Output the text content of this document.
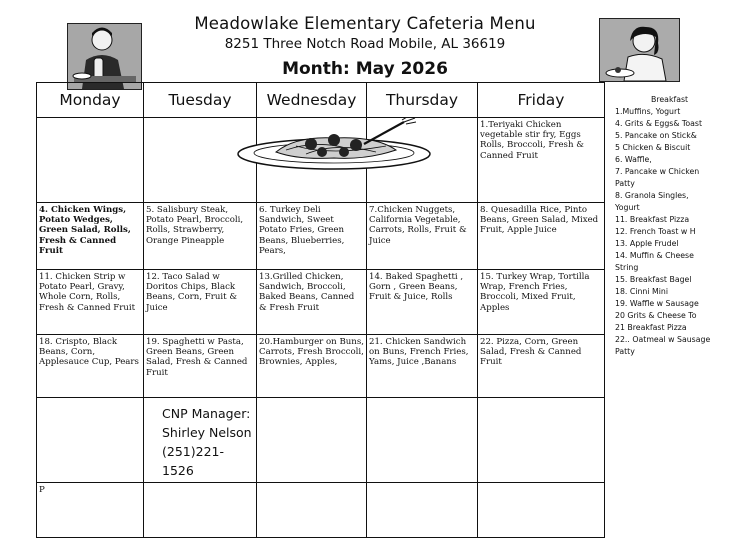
Meadowlake Elementary Cafeteria Menu
8251 Three Notch Road Mobile, AL 36619
Month: May 2026
Monday	Tuesday	Wednesday	Thursday	Friday
				1.Teriyaki Chicken vegetable stir fry, Eggs Rolls, Broccoli, Fresh & Canned Fruit
4. Chicken Wings, Potato Wedges, Green Salad, Rolls, Fresh & Canned Fruit	5. Salisbury Steak, Potato Pearl, Broccoli, Rolls, Strawberry, Orange Pineapple	6. Turkey Deli Sandwich, Sweet Potato Fries, Green Beans, Blueberries, Pears,	7.Chicken Nuggets, California Vegetable, Carrots, Rolls, Fruit & Juice	8. Quesadilla Rice, Pinto Beans, Green Salad, Mixed Fruit, Apple Juice
11. Chicken Strip w Potato Pearl, Gravy, Whole Corn, Rolls, Fresh & Canned Fruit	12. Taco Salad w Doritos Chips, Black Beans, Corn, Fruit & Juice	13.Grilled Chicken, Sandwich, Broccoli, Baked Beans, Canned & Fresh Fruit	14. Baked Spaghetti , Gorn , Green Beans, Fruit & Juice, Rolls	15. Turkey Wrap, Tortilla Wrap, French Fries, Broccoli, Mixed Fruit, Apples
18. Crispto, Black Beans, Corn, Applesauce Cup, Pears	19. Spaghetti w Pasta, Green Beans, Green Salad, Fresh & Canned Fruit	20.Hamburger on Buns, Carrots, Fresh Broccoli, Brownies, Apples,	21. Chicken Sandwich on Buns, French Fries, Yams, Juice ,Banans	22. Pizza, Corn, Green Salad, Fresh & Canned Fruit

	CNP Manager:
Shirley Nelson
(251)221-1526			

P				
Breakfast
1.Muffins, Yogurt
4. Grits & Eggs& Toast
5. Pancake on Stick&
5 Chicken & Biscuit
6. Waffle,
7. Pancake w Chicken Patty
8. Granola Singles, Yogurt
11. Breakfast Pizza
12. French Toast w H
13. Apple Frudel
14. Muffin & Cheese String
15. Breakfast Bagel
18. Cinni Mini
19. Waffle w Sausage
20 Grits & Cheese To
21 Breakfast Pizza
22.. Oatmeal w Sausage Patty
